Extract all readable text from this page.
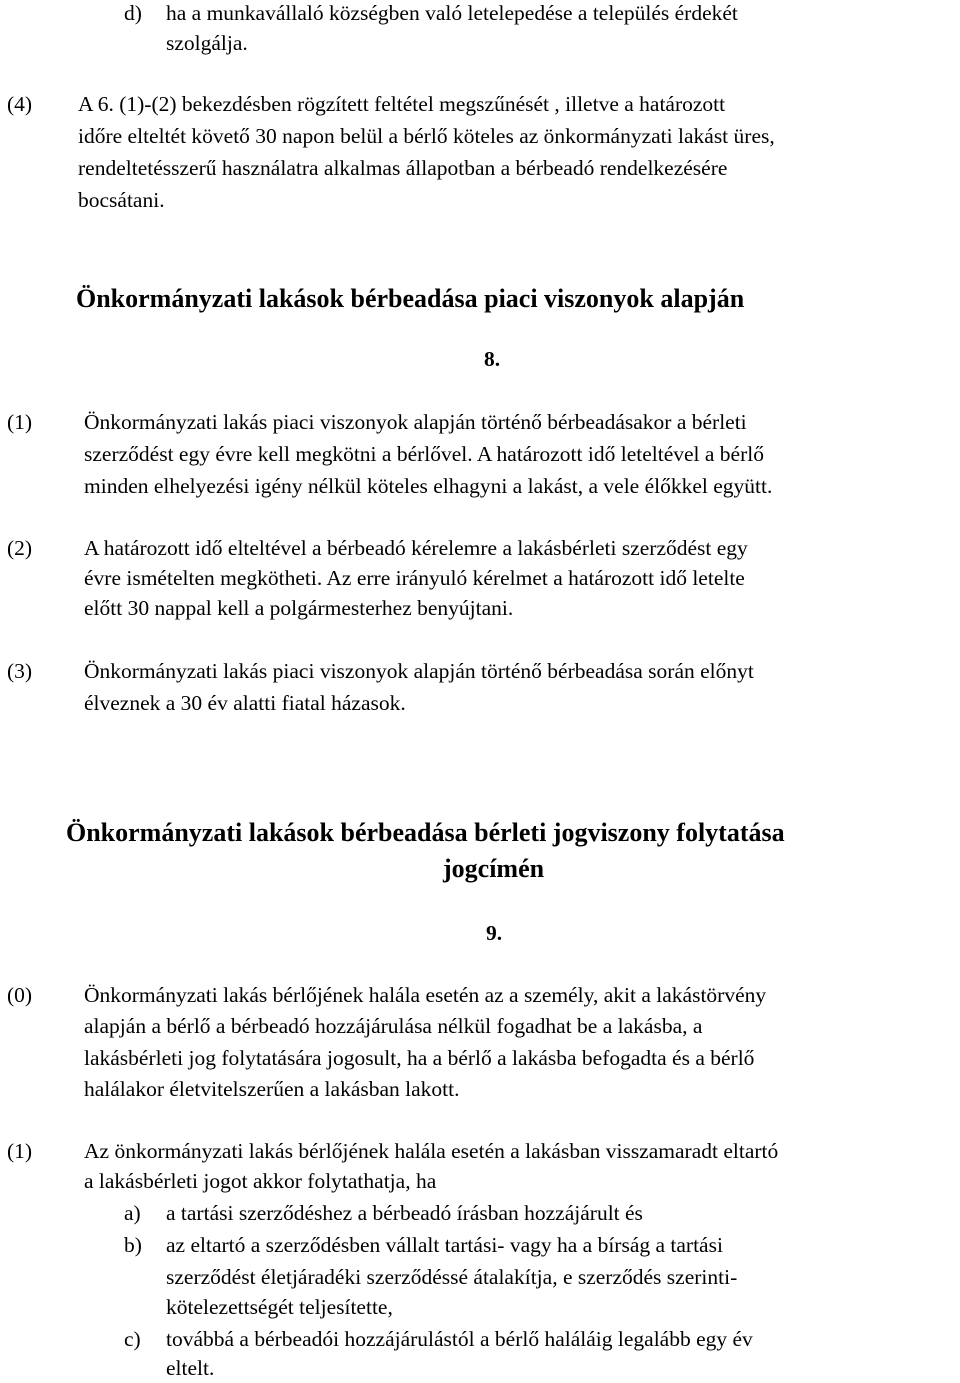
d) ha a munkavállaló községben való letelepedése a település érdekét
szolgálja.
(4) A 6. (1)-(2) bekezdésben rögzített feltétel megszűnését , illetve a határozott
időre elteltét követő 30 napon belül a bérlő köteles az önkormányzati lakást üres,
rendeltetésszerű használatra alkalmas állapotban a bérbeadó rendelkezésére
bocsátani.
Önkormányzati lakások bérbeadása piaci viszonyok alapján
8.
(1) Önkormányzati lakás piaci viszonyok alapján történő bérbeadásakor a bérleti
szerződést egy évre kell megkötni a bérlővel. A határozott idő leteltével a bérlő
minden elhelyezési igény nélkül köteles elhagyni a lakást, a vele élőkkel együtt.
(2) A határozott idő elteltével a bérbeadó kérelemre a lakásbérleti szerződést egy
évre ismételten megkötheti. Az erre irányuló kérelmet a határozott idő letelte
előtt 30 nappal kell a polgármesterhez benyújtani.
(3) Önkormányzati lakás piaci viszonyok alapján történő bérbeadása során előnyt
élveznek a 30 év alatti fiatal házasok.
Önkormányzati lakások bérbeadása bérleti jogviszony folytatása
jogcímén
9.
(0) Önkormányzati lakás bérlőjének halála esetén az a személy, akit a lakástörvény
alapján a bérlő a bérbeadó hozzájárulása nélkül fogadhat be a lakásba, a
lakásbérleti jog folytatására jogosult, ha a bérlő a lakásba befogadta és a bérlő
halálakor életvitelszerűen a lakásban lakott.
(1) Az önkormányzati lakás bérlőjének halála esetén a lakásban visszamaradt eltartó
a lakásbérleti jogot akkor folytathatja, ha
a) a tartási szerződéshez a bérbeadó írásban hozzájárult és
b) az eltartó a szerződésben vállalt tartási- vagy ha a bírság a tartási
szerződést életjáradéki szerződéssé átalakítja, e szerződés szerinti-
kötelezettségét teljesítette,
c) továbbá a bérbeadói hozzájárulástól a bérlő haláláig legalább egy év
eltelt.
